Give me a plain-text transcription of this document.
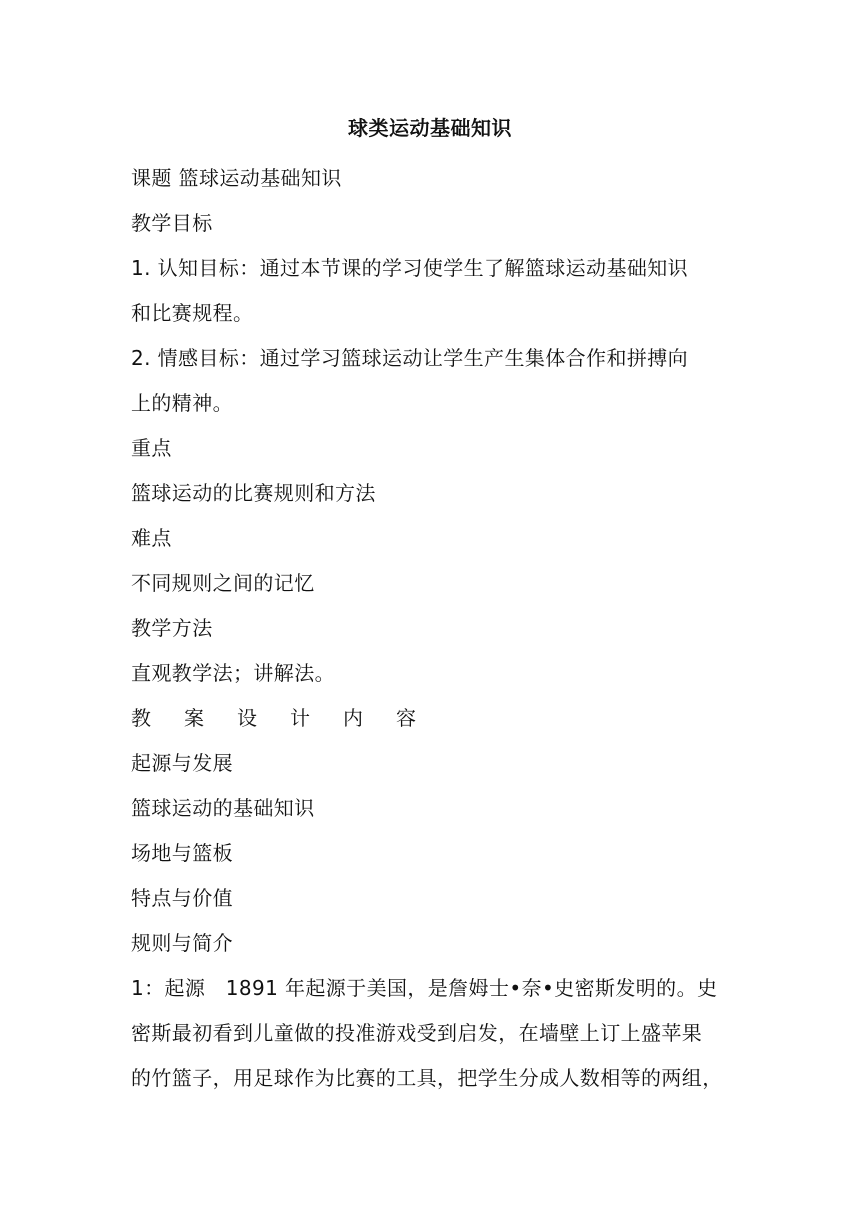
球类运动基础知识
课题 篮球运动基础知识
教学目标
1. 认知目标：通过本节课的学习使学生了解篮球运动基础知识
和比赛规程。
2. 情感目标：通过学习篮球运动让学生产生集体合作和拼搏向
上的精神。
重点
篮球运动的比赛规则和方法
难点
不同规则之间的记忆
教学方法
直观教学法；讲解法。
教案设计内容
起源与发展
篮球运动的基础知识
场地与篮板
特点与价值
规则与简介
1：起源　1891 年起源于美国，是詹姆士•奈•史密斯发明的。史
密斯最初看到儿童做的投准游戏受到启发，在墙壁上订上盛苹果
的竹篮子，用足球作为比赛的工具，把学生分成人数相等的两组，
